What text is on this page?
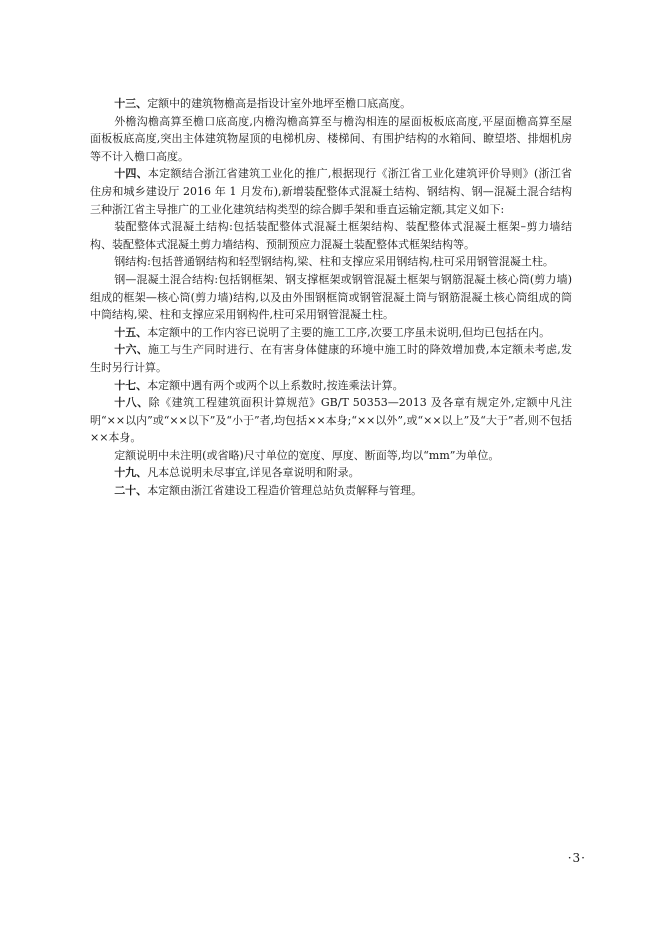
十三、定额中的建筑物檐高是指设计室外地坪至檐口底高度。

外檐沟檐高算至檐口底高度,内檐沟檐高算至与檐沟相连的屋面板板底高度,平屋面檐高算至屋面板板底高度,突出主体建筑物屋顶的电梯机房、楼梯间、有围护结构的水箱间、瞭望塔、排烟机房等不计入檐口高度。

十四、本定额结合浙江省建筑工业化的推广,根据现行《浙江省工业化建筑评价导则》(浙江省住房和城乡建设厅 2016 年 1 月发布),新增装配整体式混凝土结构、钢结构、钢—混凝土混合结构三种浙江省主导推广的工业化建筑结构类型的综合脚手架和垂直运输定额,其定义如下:

装配整体式混凝土结构:包括装配整体式混凝土框架结构、装配整体式混凝土框架–剪力墙结构、装配整体式混凝土剪力墙结构、预制预应力混凝土装配整体式框架结构等。

钢结构:包括普通钢结构和轻型钢结构,梁、柱和支撑应采用钢结构,柱可采用钢管混凝土柱。

钢—混凝土混合结构:包括钢框架、钢支撑框架或钢管混凝土框架与钢筋混凝土核心筒(剪力墙)组成的框架—核心筒(剪力墙)结构,以及由外围钢框筒或钢管混凝土筒与钢筋混凝土核心筒组成的筒中筒结构,梁、柱和支撑应采用钢构件,柱可采用钢管混凝土柱。

十五、本定额中的工作内容已说明了主要的施工工序,次要工序虽未说明,但均已包括在内。

十六、施工与生产同时进行、在有害身体健康的环境中施工时的降效增加费,本定额未考虑,发生时另行计算。

十七、本定额中遇有两个或两个以上系数时,按连乘法计算。

十八、除《建筑工程建筑面积计算规范》GB/T 50353—2013 及各章有规定外,定额中凡注明“××以内”或“××以下”及“小于”者,均包括××本身;“××以外”,或“××以上”及“大于”者,则不包括××本身。

定额说明中未注明(或省略)尺寸单位的宽度、厚度、断面等,均以“mm”为单位。

十九、凡本总说明未尽事宜,详见各章说明和附录。

二十、本定额由浙江省建设工程造价管理总站负责解释与管理。

·3·
